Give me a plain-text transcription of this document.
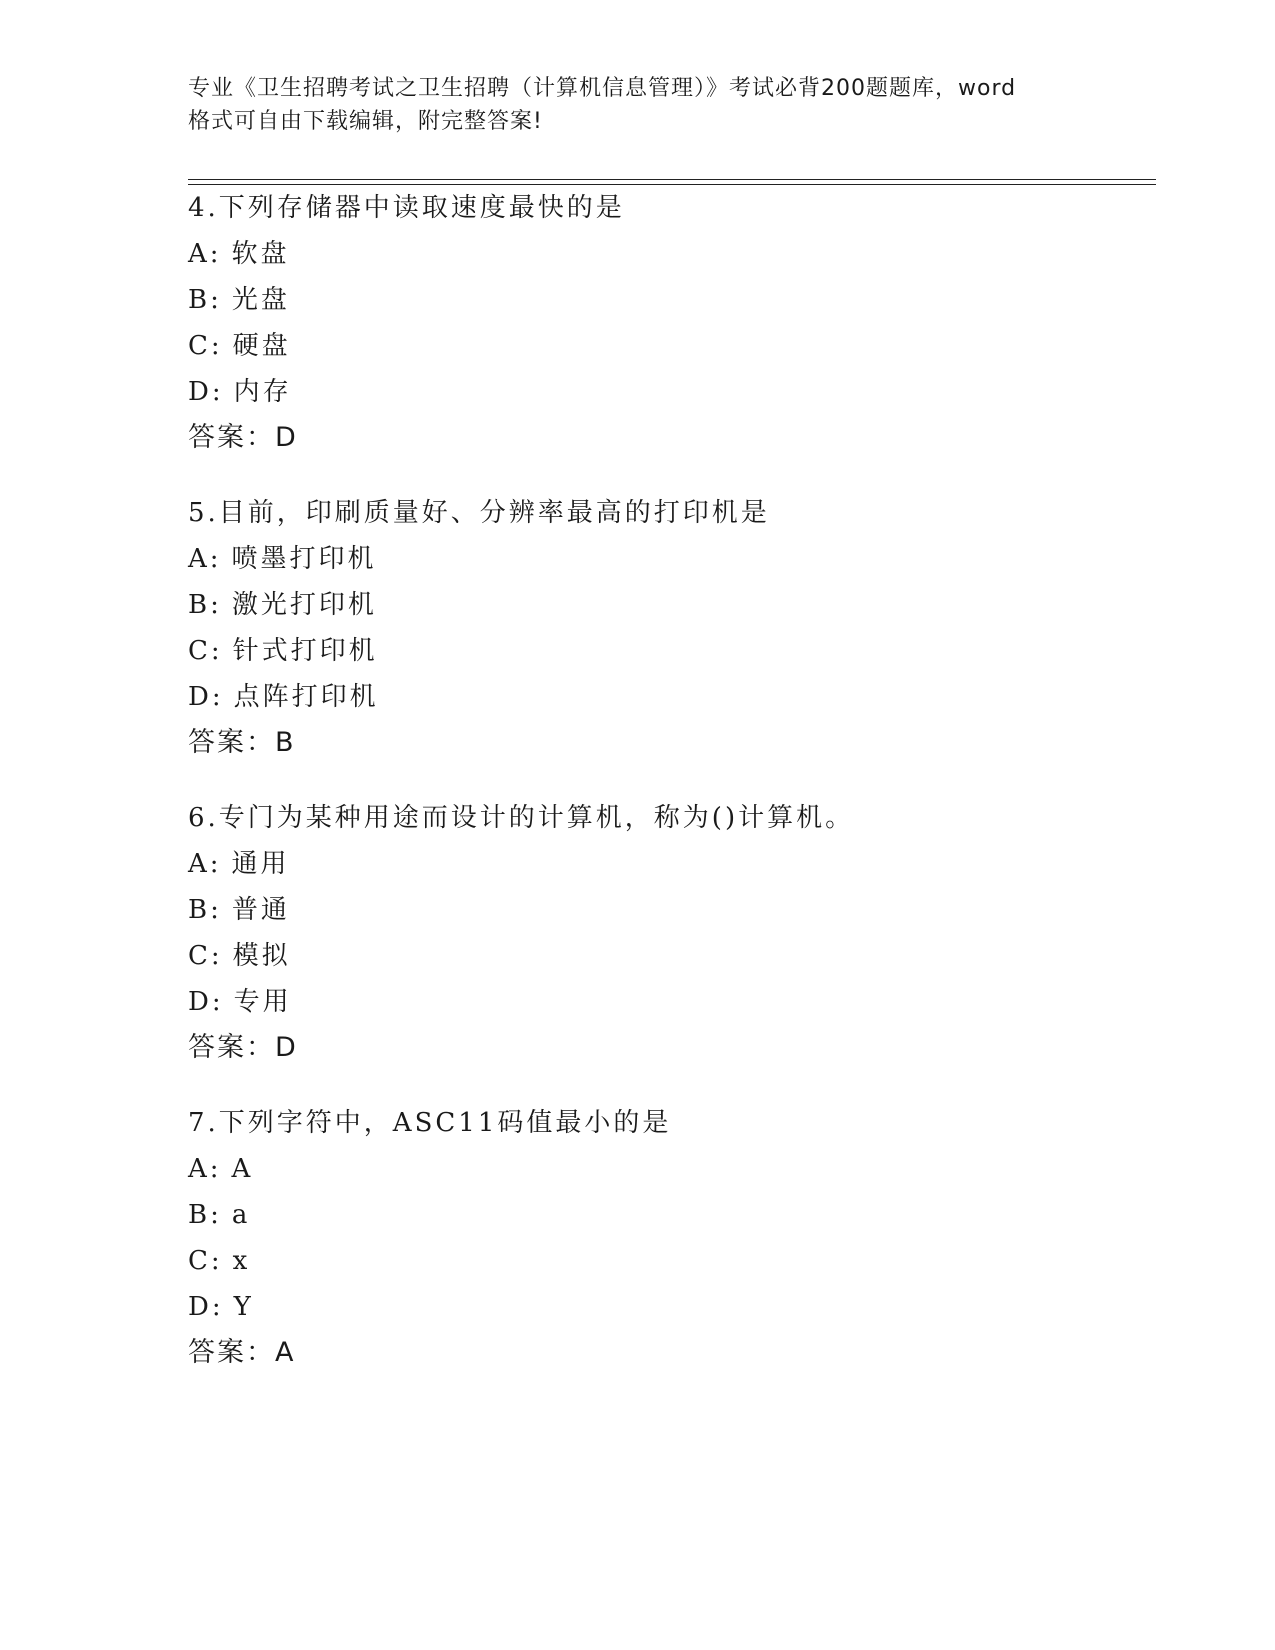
专业《卫生招聘考试之卫生招聘（计算机信息管理）》考试必背200题题库，word
格式可自由下载编辑，附完整答案!
4.下列存储器中读取速度最快的是
A: 软盘
B: 光盘
C: 硬盘
D: 内存
答案：D
5.目前，印刷质量好、分辨率最高的打印机是
A: 喷墨打印机
B: 激光打印机
C: 针式打印机
D: 点阵打印机
答案：B
6.专门为某种用途而设计的计算机，称为()计算机。
A: 通用
B: 普通
C: 模拟
D: 专用
答案：D
7.下列字符中，ASC11码值最小的是
A: A
B: a
C: x
D: Y
答案：A
